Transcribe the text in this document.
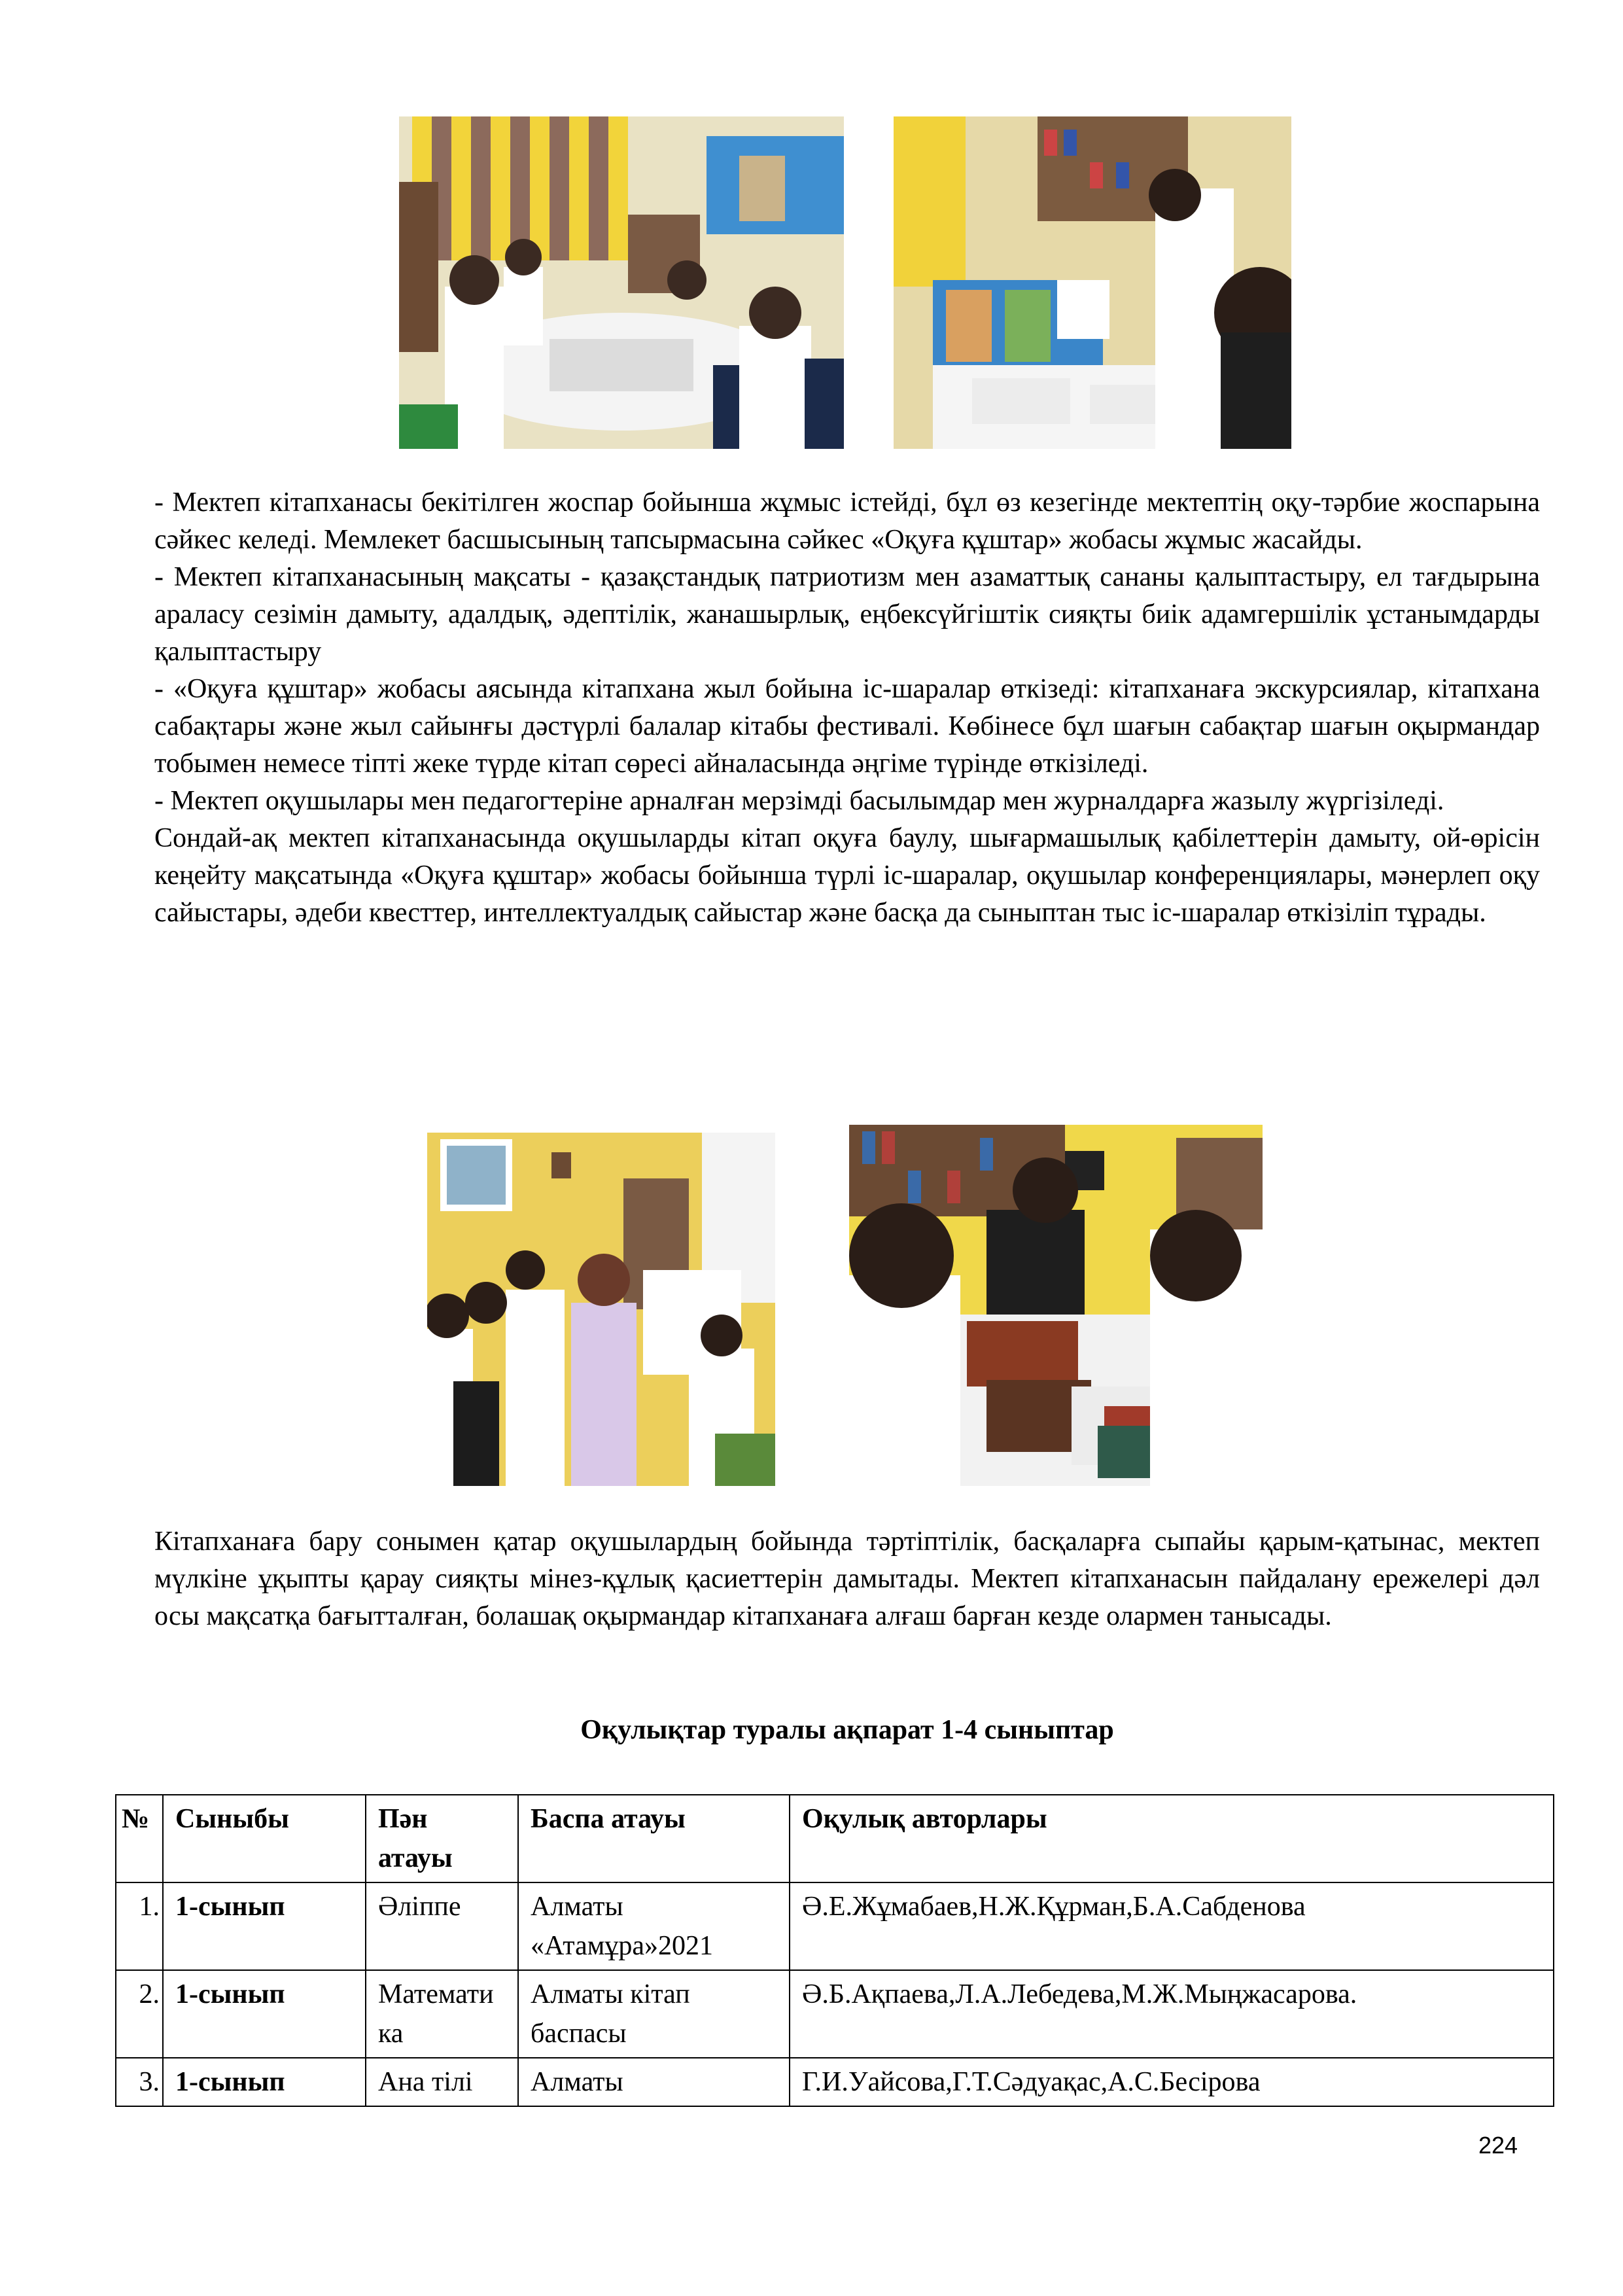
- Мектеп кітапханасы бекітілген жоспар бойынша жұмыс істейді, бұл өз кезегінде мектептің оқу-тәрбие жоспарына сәйкес келеді. Мемлекет басшысының тапсырмасына сәйкес «Оқуға құштар» жобасы жұмыс жасайды.
- Мектеп кітапханасының мақсаты - қазақстандық патриотизм мен азаматтық сананы қалыптастыру, ел тағдырына араласу сезімін дамыту, адалдық, әдептілік, жанашырлық, еңбексүйгіштік сияқты биік адамгершілік ұстанымдарды қалыптастыру
- «Оқуға құштар» жобасы аясында кітапхана жыл бойына іс-шаралар өткізеді: кітапханаға экскурсиялар, кітапхана сабақтары және жыл сайынғы дәстүрлі балалар кітабы фестивалі. Көбінесе бұл шағын сабақтар шағын оқырмандар тобымен немесе тіпті жеке түрде кітап сөресі айналасында әңгіме түрінде өткізіледі.
- Мектеп оқушылары мен педагогтеріне арналған мерзімді басылымдар мен журналдарға жазылу жүргізіледі.
Сондай-ақ мектеп кітапханасында оқушыларды кітап оқуға баулу, шығармашылық қабілеттерін дамыту, ой-өрісін кеңейту мақсатында «Оқуға құштар» жобасы бойынша түрлі іс-шаралар, оқушылар конференциялары, мәнерлеп оқу сайыстары, әдеби квесттер, интеллектуалдық сайыстар және басқа да сыныптан тыс іс-шаралар өткізіліп тұрады.

Кітапханаға бару сонымен қатар оқушылардың бойында тәртіптілік, басқаларға сыпайы қарым-қатынас, мектеп мүлкіне ұқыпты қарау сияқты мінез-құлық қасиеттерін дамытады. Мектеп кітапханасын пайдалану ережелері дәл осы мақсатқа бағытталған, болашақ оқырмандар кітапханаға алғаш барған кезде олармен танысады.

Оқулықтар туралы ақпарат 1-4 сыныптар

№	Сыныбы	Пән атауы	Баспа атауы	Оқулық авторлары
1.	1-сынып	Әліппе	Алматы «Атамұра»2021	Ә.Е.Жұмабаев,Н.Ж.Құрман,Б.А.Сабденова
2.	1-сынып	Математика	Алматы кітап баспасы	Ә.Б.Ақпаева,Л.А.Лебедева,М.Ж.Мыңжасарова.
3.	1-сынып	Ана тілі	Алматы	Г.И.Уайсова,Г.Т.Сәдуақас,А.С.Бесірова

224
